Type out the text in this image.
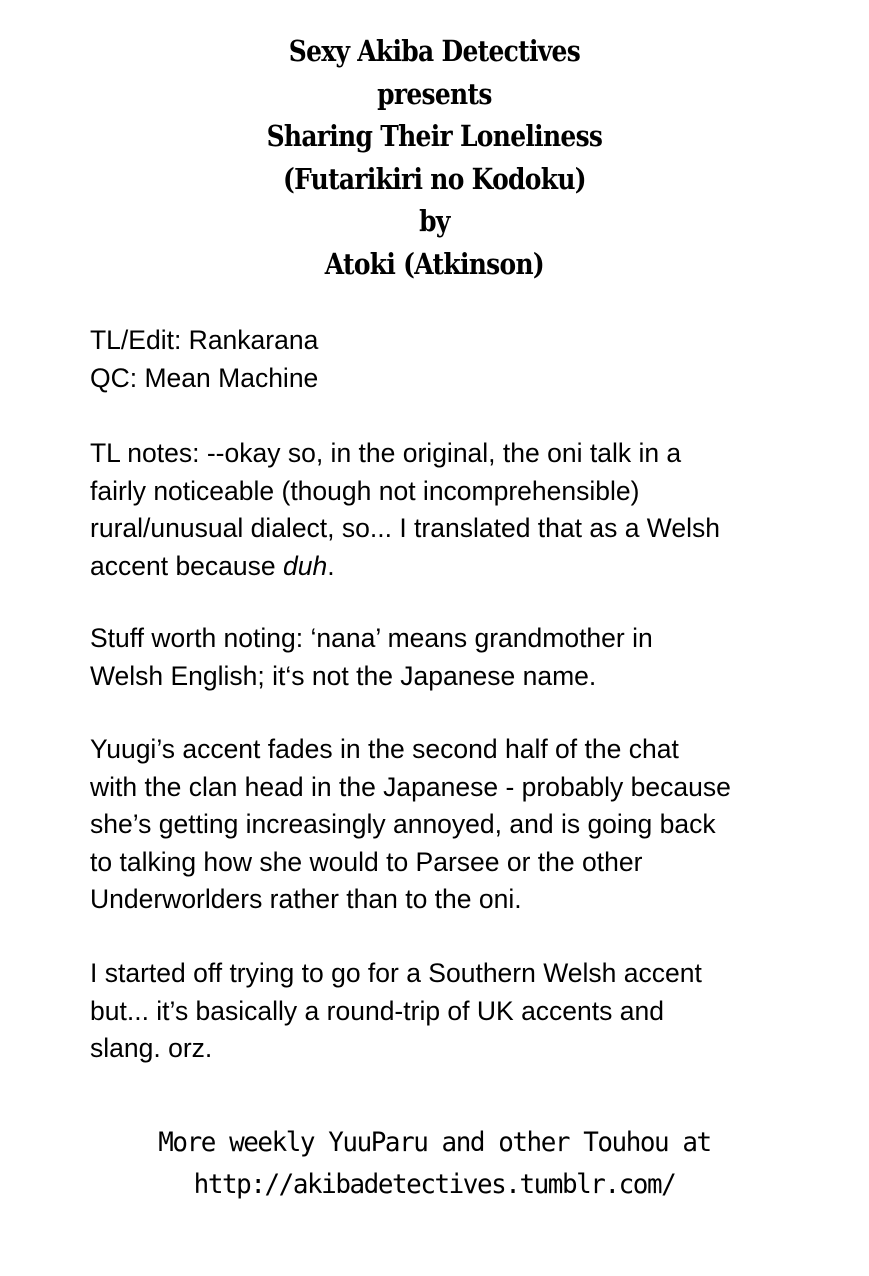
Sexy Akiba Detectives
presents
Sharing Their Loneliness
(Futarikiri no Kodoku)
by
Atoki (Atkinson)
TL/Edit: Rankarana
QC: Mean Machine
TL notes: --okay so, in the original, the oni talk in a
fairly noticeable (though not incomprehensible)
rural/unusual dialect, so... I translated that as a Welsh
accent because duh.
Stuff worth noting: ‘nana’ means grandmother in
Welsh English; it‘s not the Japanese name.
Yuugi’s accent fades in the second half of the chat
with the clan head in the Japanese - probably because
she’s getting increasingly annoyed, and is going back
to talking how she would to Parsee or the other
Underworlders rather than to the oni.
I started off trying to go for a Southern Welsh accent
but... it’s basically a round-trip of UK accents and
slang. orz.
More weekly YuuParu and other Touhou at
http://akibadetectives.tumblr.com/
